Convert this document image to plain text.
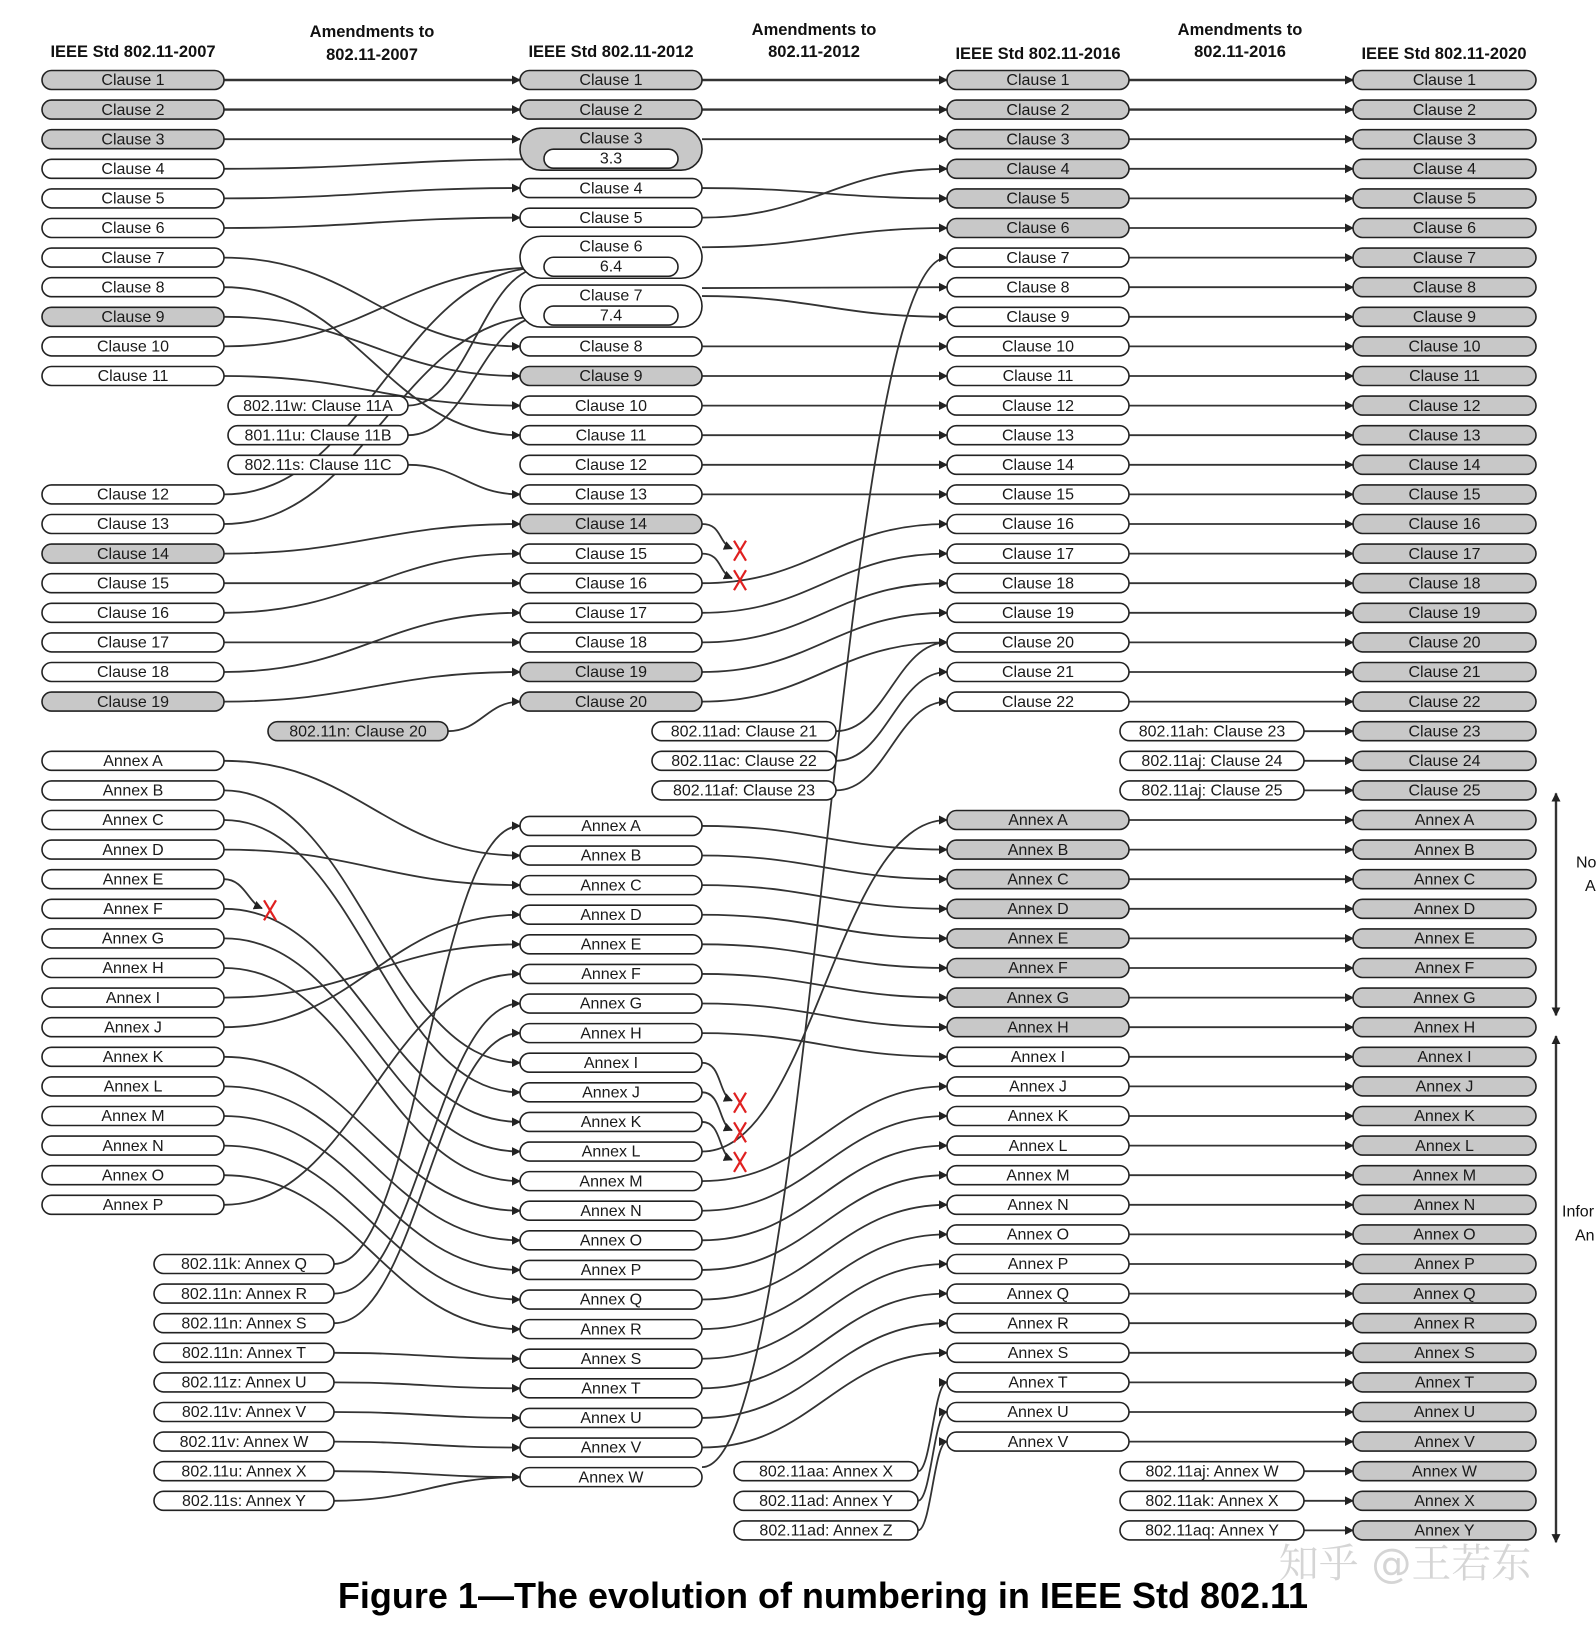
Clause 1
Clause 2
Clause 3
Clause 4
Clause 5
Clause 6
Clause 7
Clause 8
Clause 9
Clause 10
Clause 11
Clause 12
Clause 13
Clause 14
Clause 15
Clause 16
Clause 17
Clause 18
Clause 19
Annex A
Annex B
Annex C
Annex D
Annex E
Annex F
Annex G
Annex H
Annex I
Annex J
Annex K
Annex L
Annex M
Annex N
Annex O
Annex P
802.11w: Clause 11A
801.11u: Clause 11B
802.11s: Clause 11C
802.11n: Clause 20
802.11k: Annex Q
802.11n: Annex R
802.11n: Annex S
802.11n: Annex T
802.11z: Annex U
802.11v: Annex V
802.11v: Annex W
802.11u: Annex X
802.11s: Annex Y
Clause 1
Clause 2
Clause 3
3.3
Clause 4
Clause 5
Clause 6
6.4
Clause 7
7.4
Clause 8
Clause 9
Clause 10
Clause 11
Clause 12
Clause 13
Clause 14
Clause 15
Clause 16
Clause 17
Clause 18
Clause 19
Clause 20
Annex A
Annex B
Annex C
Annex D
Annex E
Annex F
Annex G
Annex H
Annex I
Annex J
Annex K
Annex L
Annex M
Annex N
Annex O
Annex P
Annex Q
Annex R
Annex S
Annex T
Annex U
Annex V
Annex W
802.11ad: Clause 21
802.11ac: Clause 22
802.11af: Clause 23
802.11aa: Annex X
802.11ad: Annex Y
802.11ad: Annex Z
Clause 1
Clause 2
Clause 3
Clause 4
Clause 5
Clause 6
Clause 7
Clause 8
Clause 9
Clause 10
Clause 11
Clause 12
Clause 13
Clause 14
Clause 15
Clause 16
Clause 17
Clause 18
Clause 19
Clause 20
Clause 21
Clause 22
Annex A
Annex B
Annex C
Annex D
Annex E
Annex F
Annex G
Annex H
Annex I
Annex J
Annex K
Annex L
Annex M
Annex N
Annex O
Annex P
Annex Q
Annex R
Annex S
Annex T
Annex U
Annex V
802.11ah: Clause 23
802.11aj: Clause 24
802.11aj: Clause 25
802.11aj: Annex W
802.11ak: Annex X
802.11aq: Annex Y
Clause 1
Clause 2
Clause 3
Clause 4
Clause 5
Clause 6
Clause 7
Clause 8
Clause 9
Clause 10
Clause 11
Clause 12
Clause 13
Clause 14
Clause 15
Clause 16
Clause 17
Clause 18
Clause 19
Clause 20
Clause 21
Clause 22
Clause 23
Clause 24
Clause 25
Annex A
Annex B
Annex C
Annex D
Annex E
Annex F
Annex G
Annex H
Annex I
Annex J
Annex K
Annex L
Annex M
Annex N
Annex O
Annex P
Annex Q
Annex R
Annex S
Annex T
Annex U
Annex V
Annex W
Annex X
Annex Y
IEEE Std 802.11-2007
Amendments to
802.11-2007	IEEE Std 802.11-2012
Amendments to
802.11-2012	IEEE Std 802.11-2016
Amendments to
802.11-2016	IEEE Std 802.11-2020
No
A
Infor
An
知乎 @王若东
Figure 1—The evolution of numbering in IEEE Std 802.11
